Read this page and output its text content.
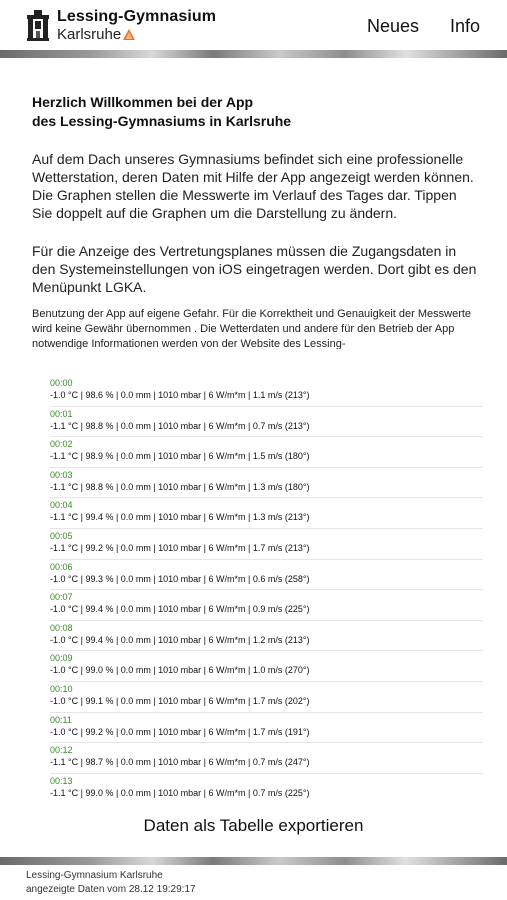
Lessing-Gymnasium
Karlsruhe	Neues Info
Herzlich Willkommen bei der App
des Lessing-Gymnasiums in Karlsruhe

Auf dem Dach unseres Gymnasiums befindet sich eine professionelle Wetterstation, deren Daten mit Hilfe der App angezeigt werden können. Die Graphen stellen die Messwerte im Verlauf des Tages dar. Tippen Sie doppelt auf die Graphen um die Darstellung zu ändern.

Für die Anzeige des Vertretungsplanes müssen die Zugangsdaten in den Systemeinstellungen von iOS eingetragen werden. Dort gibt es den Menüpunkt LGKA.

Benutzung der App auf eigene Gefahr. Für die Korrektheit und Genauigkeit der Messwerte wird keine Gewähr übernommen . Die Wetterdaten und andere für den Betrieb der App notwendige Informationen werden von der Website des Lessing-

00:00
-1.0 °C | 98.6 % | 0.0 mm | 1010 mbar | 6 W/m*m | 1.1 m/s (213°)
00:01
-1.1 °C | 98.8 % | 0.0 mm | 1010 mbar | 6 W/m*m | 0.7 m/s (213°)
00:02
-1.1 °C | 98.9 % | 0.0 mm | 1010 mbar | 6 W/m*m | 1.5 m/s (180°)
00:03
-1.1 °C | 98.8 % | 0.0 mm | 1010 mbar | 6 W/m*m | 1.3 m/s (180°)
00:04
-1.1 °C | 99.4 % | 0.0 mm | 1010 mbar | 6 W/m*m | 1.3 m/s (213°)
00:05
-1.1 °C | 99.2 % | 0.0 mm | 1010 mbar | 6 W/m*m | 1.7 m/s (213°)
00:06
-1.0 °C | 99.3 % | 0.0 mm | 1010 mbar | 6 W/m*m | 0.6 m/s (258°)
00:07
-1.0 °C | 99.4 % | 0.0 mm | 1010 mbar | 6 W/m*m | 0.9 m/s (225°)
00:08
-1.0 °C | 99.4 % | 0.0 mm | 1010 mbar | 6 W/m*m | 1.2 m/s (213°)
00:09
-1.0 °C | 99.0 % | 0.0 mm | 1010 mbar | 6 W/m*m | 1.0 m/s (270°)
00:10
-1.0 °C | 99.1 % | 0.0 mm | 1010 mbar | 6 W/m*m | 1.7 m/s (202°)
00:11
-1.0 °C | 99.2 % | 0.0 mm | 1010 mbar | 6 W/m*m | 1.7 m/s (191°)
00:12
-1.1 °C | 98.7 % | 0.0 mm | 1010 mbar | 6 W/m*m | 0.7 m/s (247°)
00:13
-1.1 °C | 99.0 % | 0.0 mm | 1010 mbar | 6 W/m*m | 0.7 m/s (225°)
Daten als Tabelle exportieren
Lessing-Gymnasium Karlsruhe
angezeigte Daten vom 28.12 19:29:17
